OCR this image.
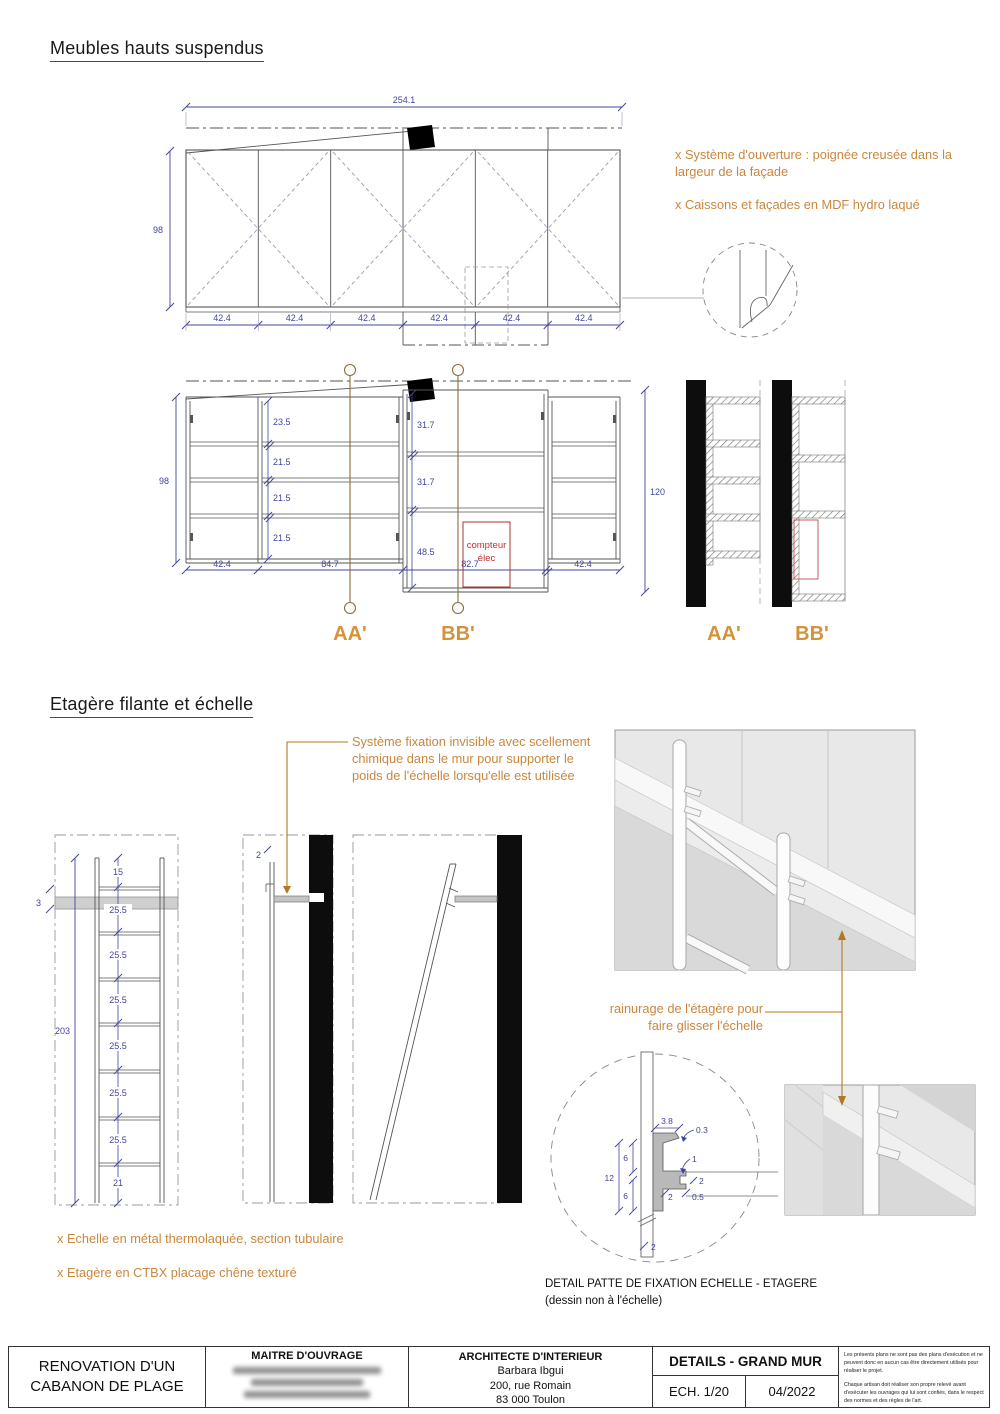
254.1
98
42.4	42.4	42.4	42.4	42.4	42.4
23.5
21.5
21.5
21.5
31.7
31.7
48.5
98
120
42.4	84.7	82.7	42.4
compteur
élec
AA'	BB'	AA'	BB'
203
3
15
25.5
25.5
25.5
25.5
25.5
25.5
21
2
3.8
0.3
12
6
6
1
2
2 0.5
2
Meubles hauts suspendus
x Système d'ouverture : poignée creusée dans la largeur de la façade
x Caissons et façades en MDF hydro laqué
Etagère filante et échelle
Système fixation invisible avec scellement chimique dans le mur pour supporter le poids de l'échelle lorsqu'elle est utilisée
rainurage de l'étagère pour faire glisser l'échelle
x Echelle en métal thermolaquée, section tubulaire
x Etagère en CTBX placage chêne texturé
DETAIL PATTE DE FIXATION ECHELLE - ETAGERE
(dessin non à l'échelle)
RENOVATION D'UN
CABANON DE PLAGE
MAITRE D'OUVRAGE	ARCHITECTE D'INTERIEUR
Barbara Ibgui
200, rue Romain
83 000 Toulon
DETAILS - GRAND MUR
ECH. 1/20	04/2022

Les présents plans ne sont pas des plans d'exécution et ne peuvent donc en aucun cas être directement utilisés pour réaliser le projet.

Chaque artisan doit réaliser son propre relevé avant d'exécuter les ouvrages qui lui sont confiés, dans le respect des normes et des règles de l'art.
